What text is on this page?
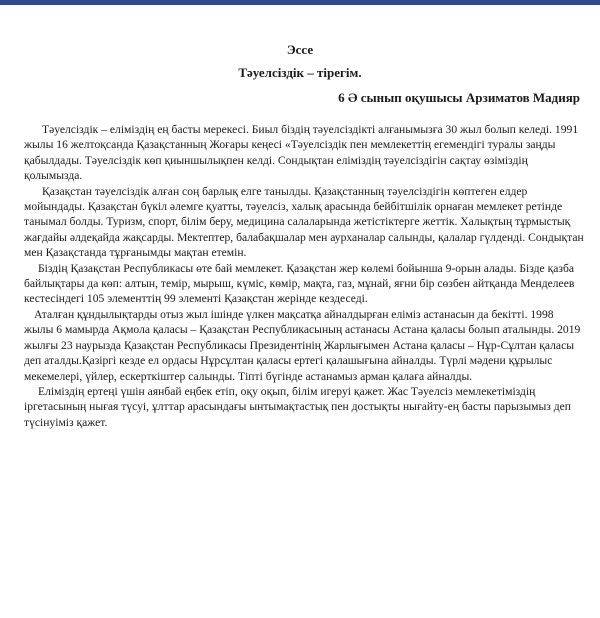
Эссе

Тәуелсіздік – тірегім.

6 Ә сынып оқушысы Арзиматов Мадияр

Тәуелсіздік – еліміздің ең басты мерекесі. Биыл біздің тәуелсіздікті алғанымызға 30 жыл болып келеді. 1991 жылы 16 желтоқсанда Қазақстанның Жоғары кеңесі «Тәуелсіздік пен мемлекеттің егемендігі туралы заңды қабылдады. Тәуелсіздік көп қиыншылықпен келді. Сондықтан еліміздің тәуелсіздігін сақтау өзіміздің қолымызда.

Қазақстан тәуелсіздік алған соң барлық елге танылды. Қазақстанның тәуелсіздігін көптеген елдер мойындады. Қазақстан бүкіл әлемге қуатты, тәуелсіз, халық арасында бейбітшілік орнаған мемлекет ретінде танымал болды. Туризм, спорт, білім беру, медицина салаларында жетістіктерге жеттік. Халықтың тұрмыстық жағдайы әлдеқайда жақсарды. Мектептер, балабақшалар мен аурханалар салынды, қалалар гүлденді. Сондықтан мен Қазақстанда тұрғанымды мақтан етемін.

Біздің Қазақстан Республикасы өте бай мемлекет. Қазақстан жер көлемі бойынша 9-орын алады. Бізде қазба байлықтары да көп: алтын, темір, мырыш, күміс, көмір, мақта, газ, мұнай, яғни бір сөзбен айтқанда Менделеев кестесіндегі 105 элементтің 99 элементі Қазақстан жерінде кездеседі.

Аталған құндылықтарды отыз жыл ішінде үлкен мақсатқа айналдырған еліміз астанасын да бекітті. 1998 жылы 6 мамырда Ақмола қаласы – Қазақстан Республикасының астанасы Астана қаласы болып аталынды. 2019 жылғы 23 наурызда Қазақстан Республикасы Президентінің Жарлығымен Астана қаласы – Нұр-Сұлтан қаласы деп аталды.Қазіргі кезде ел ордасы Нұрсұлтан қаласы ертегі қалашығына айналды. Түрлі мәдени құрылыс мекемелері, үйлер, ескерткіштер салынды. Тіпті бүгінде астанамыз арман қалаға айналды.

Еліміздің ертеңі үшін аянбай еңбек етіп, оқу оқып, білім игеруі қажет. Жас Тәуелсіз мемлекетіміздің іргетасының нығая түсуі, ұлттар арасындағы ынтымақтастық пен достықты нығайту-ең басты парызымыз деп түсінуіміз қажет.
